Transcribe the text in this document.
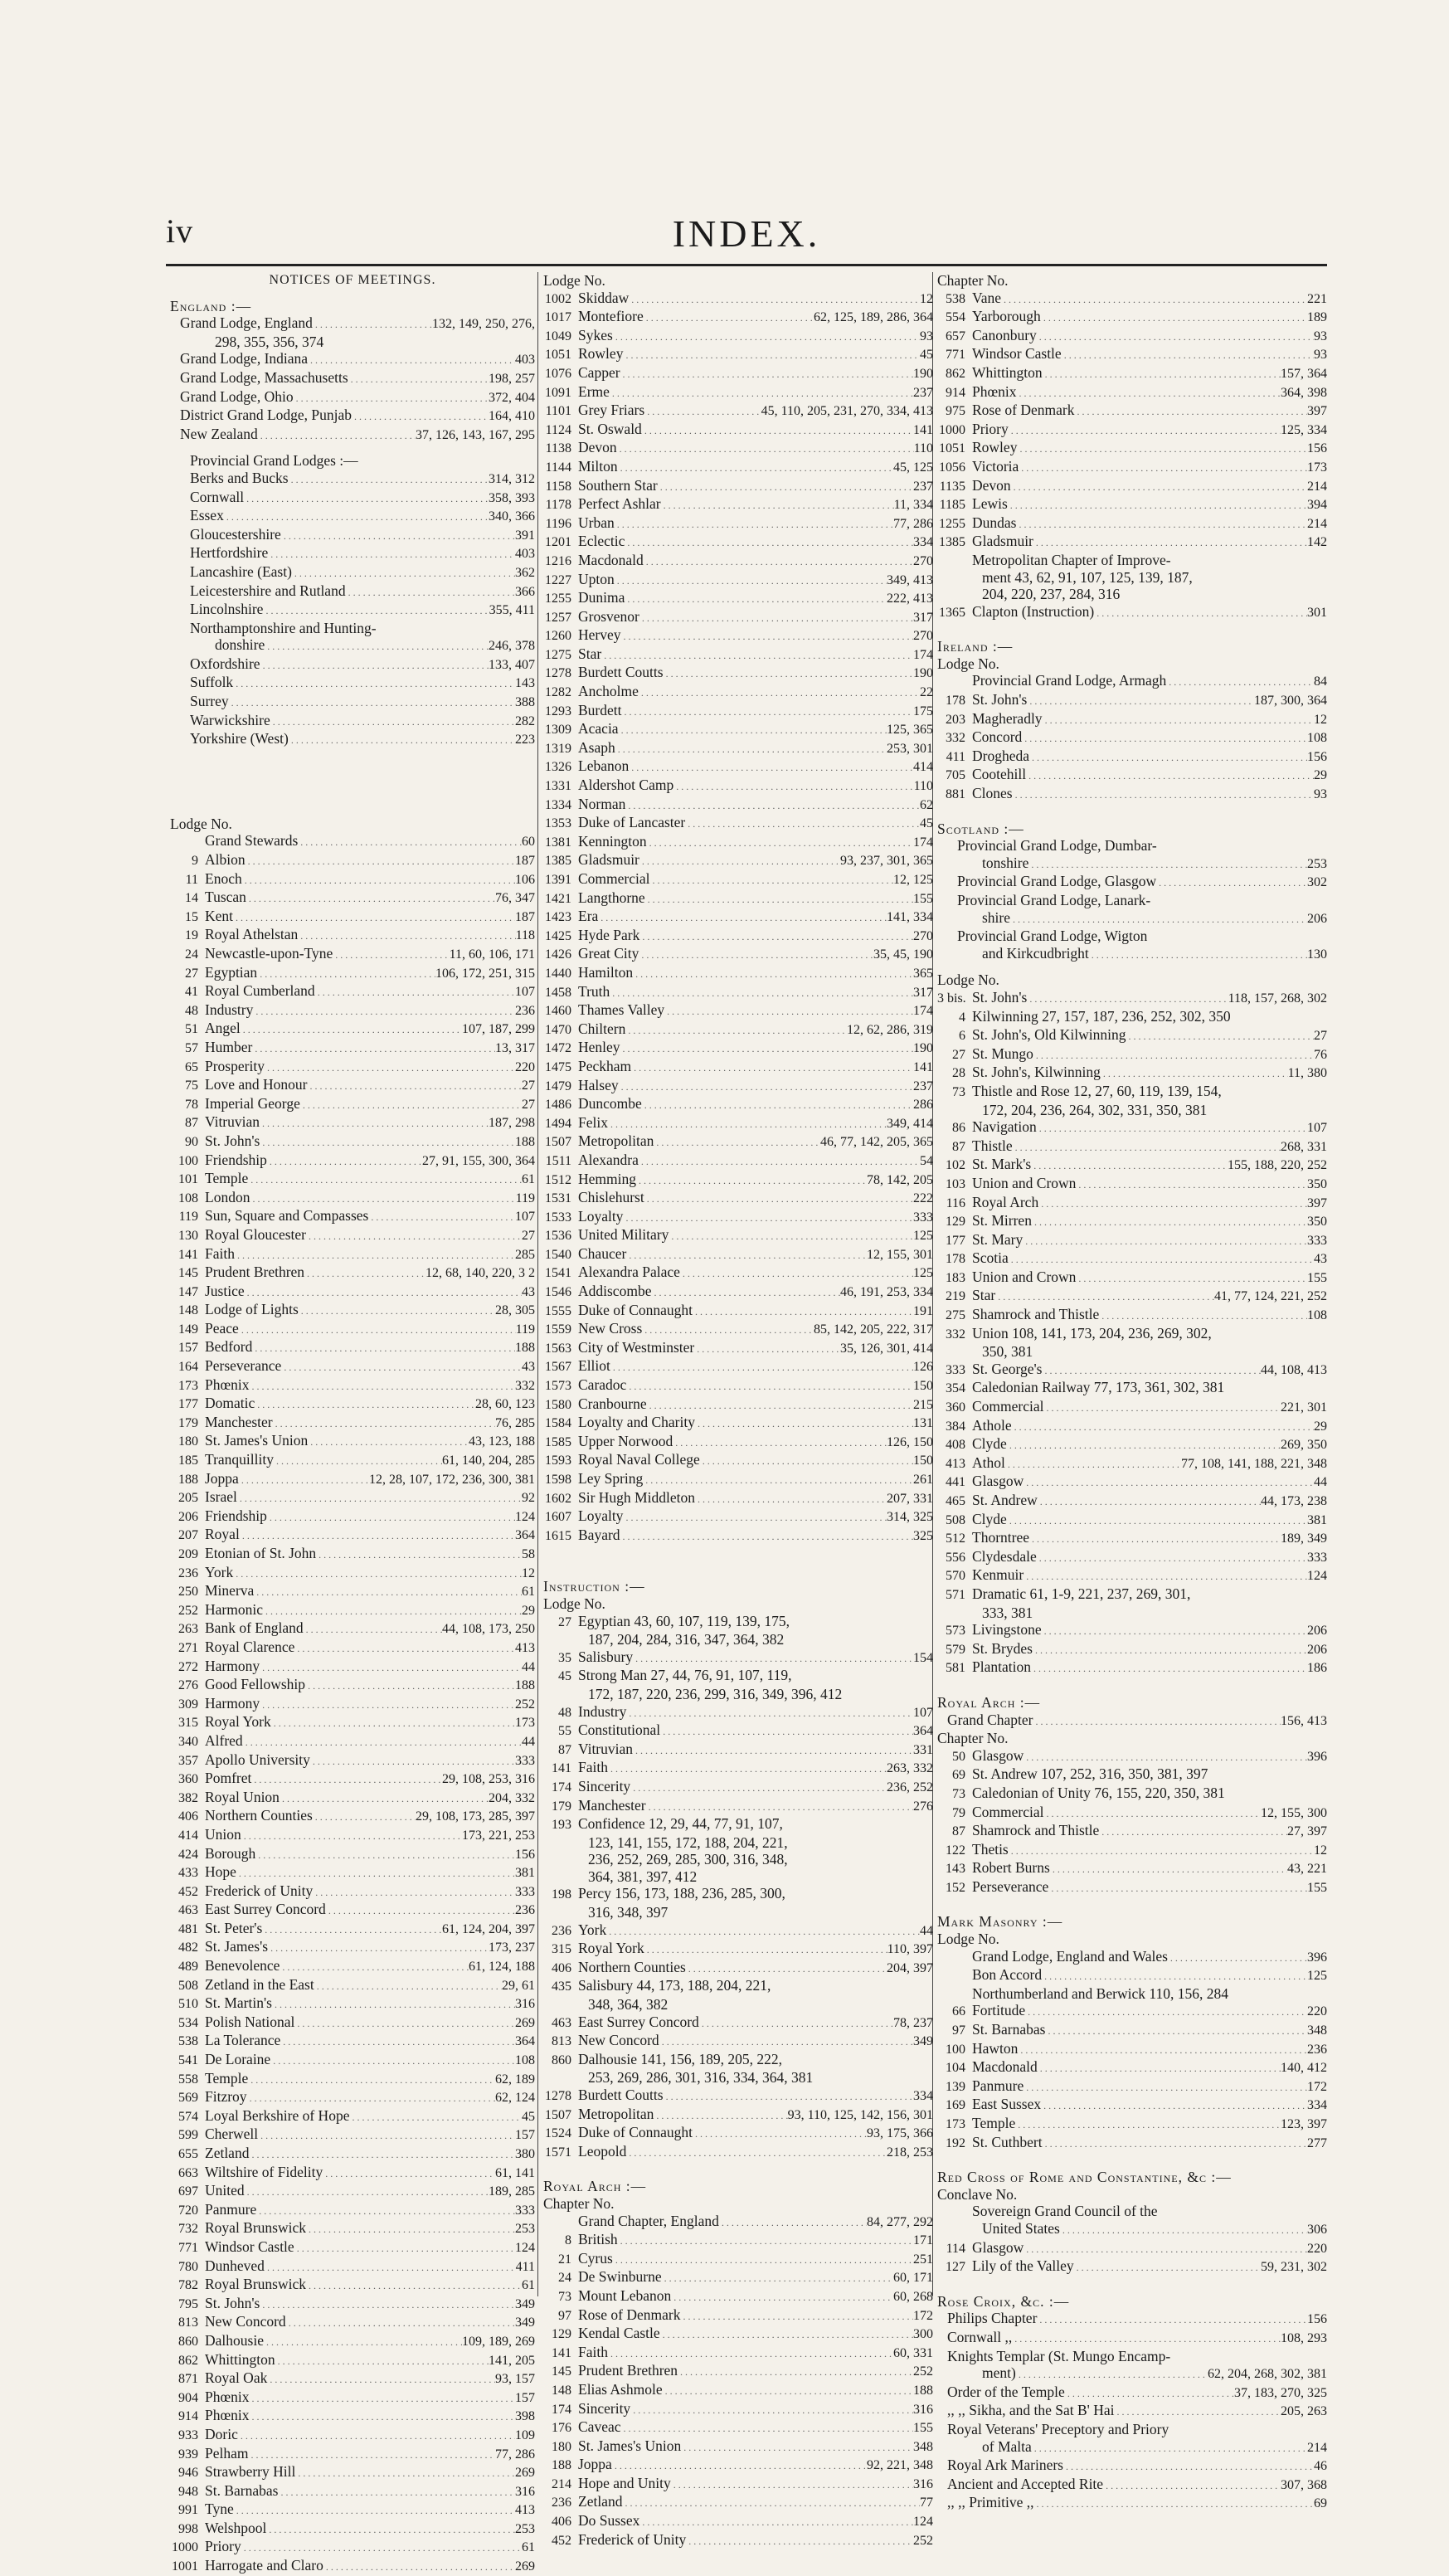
iv	INDEX.
NOTICES OF MEETINGS.
England :—
Grand Lodge, England .....	132, 149, 250, 276,
298, 355, 356, 374
Grand Lodge, Indiana .....	403
Grand Lodge, Massachusetts .....	198, 257
Grand Lodge, Ohio .....	372, 404
District Grand Lodge, Punjab .....	164, 410
New Zealand .....	37, 126, 143, 167, 295
Provincial Grand Lodges :—
Berks and Bucks .....	314, 312
Cornwall .....	358, 393
Essex .....	340, 366
Gloucestershire .....	391
Hertfordshire .....	403
Lancashire (East) .....	362
Leicestershire and Rutland .....	366
Lincolnshire .....	355, 411
Northamptonshire and Hunting-
donshire .....	246, 378
Oxfordshire .....	133, 407
Suffolk .....	143
Surrey .....	388
Warwickshire .....	282
Yorkshire (West) .....	223
Lodge No.
Grand Stewards .....	60
9 Albion .....	187
11 Enoch .....	106
14 Tuscan .....	76, 347
15 Kent .....	187
19 Royal Athelstan .....	118
24 Newcastle-upon-Tyne .....	11, 60, 106, 171
27 Egyptian .....	106, 172, 251, 315
41 Royal Cumberland .....	107
48 Industry .....	236
51 Angel .....	107, 187, 299
57 Humber .....	13, 317
65 Prosperity .....	220
75 Love and Honour .....	27
78 Imperial George .....	27
87 Vitruvian .....	187, 298
90 St. John's .....	188
100 Friendship .....	27, 91, 155, 300, 364
101 Temple .....	61
108 London .....	119
119 Sun, Square and Compasses .....	107
130 Royal Gloucester .....	27
141 Faith .....	285
145 Prudent Brethren .....	12, 68, 140, 220, 3 2
147 Justice .....	43
148 Lodge of Lights .....	28, 305
149 Peace .....	119
157 Bedford .....	188
164 Perseverance .....	43
173 Phœnix .....	332
177 Domatic .....	28, 60, 123
179 Manchester .....	76, 285
180 St. James's Union .....	43, 123, 188
185 Tranquillity .....	61, 140, 204, 285
188 Joppa .....	12, 28, 107, 172, 236, 300, 381
205 Israel .....	92
206 Friendship .....	124
207 Royal .....	364
209 Etonian of St. John .....	58
236 York .....	12
250 Minerva .....	61
252 Harmonic .....	29
263 Bank of England .....	44, 108, 173, 250
271 Royal Clarence .....	413
272 Harmony .....	44
276 Good Fellowship .....	188
309 Harmony .....	252
315 Royal York .....	173
340 Alfred .....	44
357 Apollo University .....	333
360 Pomfret .....	29, 108, 253, 316
382 Royal Union .....	204, 332
406 Northern Counties .....	29, 108, 173, 285, 397
414 Union .....	173, 221, 253
424 Borough .....	156
433 Hope .....	381
452 Frederick of Unity .....	333
463 East Surrey Concord .....	236
481 St. Peter's .....	61, 124, 204, 397
482 St. James's .....	173, 237
489 Benevolence .....	61, 124, 188
508 Zetland in the East .....	29, 61
510 St. Martin's .....	316
534 Polish National .....	269
538 La Tolerance .....	364
541 De Loraine .....	108
558 Temple .....	62, 189
569 Fitzroy .....	62, 124
574 Loyal Berkshire of Hope .....	45
599 Cherwell .....	157
655 Zetland .....	380
663 Wiltshire of Fidelity .....	61, 141
697 United .....	189, 285
720 Panmure .....	333
732 Royal Brunswick .....	253
771 Windsor Castle .....	124
780 Dunheved .....	411
782 Royal Brunswick .....	61
795 St. John's .....	349
813 New Concord .....	349
860 Dalhousie .....	109, 189, 269
862 Whittington .....	141, 205
871 Royal Oak .....	93, 157
904 Phœnix .....	157
914 Phœnix .....	398
933 Doric .....	109
939 Pelham .....	77, 286
946 Strawberry Hill .....	269
948 St. Barnabas .....	316
991 Tyne .....	413
998 Welshpool .....	253
1000 Priory .....	61
1001 Harrogate and Claro .....	269
Lodge No.
1002 Skiddaw .....	12
1017 Montefiore .....	62, 125, 189, 286, 364
1049 Sykes .....	93
1051 Rowley .....	45
1076 Capper .....	190
1091 Erme .....	237
1101 Grey Friars .....	45, 110, 205, 231, 270, 334, 413
1124 St. Oswald .....	141
1138 Devon .....	110
1144 Milton .....	45, 125
1158 Southern Star .....	237
1178 Perfect Ashlar .....	11, 334
1196 Urban .....	77, 286
1201 Eclectic .....	334
1216 Macdonald .....	270
1227 Upton .....	349, 413
1255 Dunima .....	222, 413
1257 Grosvenor .....	317
1260 Hervey .....	270
1275 Star .....	174
1278 Burdett Coutts .....	190
1282 Ancholme .....	22
1293 Burdett .....	175
1309 Acacia .....	125, 365
1319 Asaph .....	253, 301
1326 Lebanon .....	414
1331 Aldershot Camp .....	110
1334 Norman .....	62
1353 Duke of Lancaster .....	45
1381 Kennington .....	174
1385 Gladsmuir .....	93, 237, 301, 365
1391 Commercial .....	12, 125
1421 Langthorne .....	155
1423 Era .....	141, 334
1425 Hyde Park .....	270
1426 Great City .....	35, 45, 190
1440 Hamilton .....	365
1458 Truth .....	317
1460 Thames Valley .....	174
1470 Chiltern .....	12, 62, 286, 319
1472 Henley .....	190
1475 Peckham .....	141
1479 Halsey .....	237
1486 Duncombe .....	286
1494 Felix .....	349, 414
1507 Metropolitan .....	46, 77, 142, 205, 365
1511 Alexandra .....	54
1512 Hemming .....	78, 142, 205
1531 Chislehurst .....	222
1533 Loyalty .....	333
1536 United Military .....	125
1540 Chaucer .....	12, 155, 301
1541 Alexandra Palace .....	125
1546 Addiscombe .....	46, 191, 253, 334
1555 Duke of Connaught .....	191
1559 New Cross .....	85, 142, 205, 222, 317
1563 City of Westminster .....	35, 126, 301, 414
1567 Elliot .....	126
1573 Caradoc .....	150
1580 Cranbourne .....	215
1584 Loyalty and Charity .....	131
1585 Upper Norwood .....	126, 150
1593 Royal Naval College .....	150
1598 Ley Spring .....	261
1602 Sir Hugh Middleton .....	207, 331
1607 Loyalty .....	314, 325
1615 Bayard .....	325
Instruction :—
Lodge No.
27 Egyptian 43, 60, 107, 119, 139, 175,
187, 204, 284, 316, 347, 364, 382
35 Salisbury .....	154
45 Strong Man 27, 44, 76, 91, 107, 119,
172, 187, 220, 236, 299, 316, 349, 396, 412
48 Industry .....	107
55 Constitutional .....	364
87 Vitruvian .....	331
141 Faith .....	263, 332
174 Sincerity .....	236, 252
179 Manchester .....	276
193 Confidence 12, 29, 44, 77, 91, 107,
123, 141, 155, 172, 188, 204, 221,
236, 252, 269, 285, 300, 316, 348,
364, 381, 397, 412
198 Percy 156, 173, 188, 236, 285, 300,
316, 348, 397
236 York .....	44
315 Royal York .....	110, 397
406 Northern Counties .....	204, 397
435 Salisbury 44, 173, 188, 204, 221,
348, 364, 382
463 East Surrey Concord .....	78, 237
813 New Concord .....	349
860 Dalhousie 141, 156, 189, 205, 222,
253, 269, 286, 301, 316, 334, 364, 381
1278 Burdett Coutts .....	334
1507 Metropolitan .....	93, 110, 125, 142, 156, 301
1524 Duke of Connaught .....	93, 175, 366
1571 Leopold .....	218, 253
Royal Arch :—
Chapter No.
Grand Chapter, England .....	84, 277, 292
8 British .....	171
21 Cyrus .....	251
24 De Swinburne .....	60, 171
73 Mount Lebanon .....	60, 268
97 Rose of Denmark .....	172
129 Kendal Castle .....	300
141 Faith .....	60, 331
145 Prudent Brethren .....	252
148 Elias Ashmole .....	188
174 Sincerity .....	316
176 Caveac .....	155
180 St. James's Union .....	348
188 Joppa .....	92, 221, 348
214 Hope and Unity .....	316
236 Zetland .....	77
406 Do Sussex .....	124
452 Frederick of Unity .....	252
Chapter No.
538 Vane .....	221
554 Yarborough .....	189
657 Canonbury .....	93
771 Windsor Castle .....	93
862 Whittington .....	157, 364
914 Phœnix .....	364, 398
975 Rose of Denmark .....	397
1000 Priory .....	125, 334
1051 Rowley .....	156
1056 Victoria .....	173
1135 Devon .....	214
1185 Lewis .....	394
1255 Dundas .....	214
1385 Gladsmuir .....	142
Metropolitan Chapter of Improve-
ment 43, 62, 91, 107, 125, 139, 187,
204, 220, 237, 284, 316
1365 Clapton (Instruction) .....	301
Ireland :—
Lodge No.
Provincial Grand Lodge, Armagh .....	84
178 St. John's .....	187, 300, 364
203 Magheradly .....	12
332 Concord .....	108
411 Drogheda .....	156
705 Cootehill .....	29
881 Clones .....	93
Scotland :—
Provincial Grand Lodge, Dumbar-
tonshire .....	253
Provincial Grand Lodge, Glasgow .....	302
Provincial Grand Lodge, Lanark-
shire .....	206
Provincial Grand Lodge, Wigton
and Kirkcudbright .....	130
Lodge No.
3 bis. St. John's .....	118, 157, 268, 302
4 Kilwinning 27, 157, 187, 236, 252, 302, 350
6 St. John's, Old Kilwinning .....	27
27 St. Mungo .....	76
28 St. John's, Kilwinning .....	11, 380
73 Thistle and Rose 12, 27, 60, 119, 139, 154,
172, 204, 236, 264, 302, 331, 350, 381
86 Navigation .....	107
87 Thistle .....	268, 331
102 St. Mark's .....	155, 188, 220, 252
103 Union and Crown .....	350
116 Royal Arch .....	397
129 St. Mirren .....	350
177 St. Mary .....	333
178 Scotia .....	43
183 Union and Crown .....	155
219 Star .....	41, 77, 124, 221, 252
275 Shamrock and Thistle .....	108
332 Union 108, 141, 173, 204, 236, 269, 302,
350, 381
333 St. George's .....	44, 108, 413
354 Caledonian Railway 77, 173, 361, 302, 381
360 Commercial .....	221, 301
384 Athole .....	29
408 Clyde .....	269, 350
413 Athol .....	77, 108, 141, 188, 221, 348
441 Glasgow .....	44
465 St. Andrew .....	44, 173, 238
508 Clyde .....	381
512 Thorntree .....	189, 349
556 Clydesdale .....	333
570 Kenmuir .....	124
571 Dramatic 61, 1-9, 221, 237, 269, 301,
333, 381
573 Livingstone .....	206
579 St. Brydes .....	206
581 Plantation .....	186
Royal Arch :—
Grand Chapter .....	156, 413
Chapter No.
50 Glasgow .....	396
69 St. Andrew 107, 252, 316, 350, 381, 397
73 Caledonian of Unity 76, 155, 220, 350, 381
79 Commercial .....	12, 155, 300
87 Shamrock and Thistle .....	27, 397
122 Thetis .....	12
143 Robert Burns .....	43, 221
152 Perseverance .....	155
Mark Masonry :—
Lodge No.
Grand Lodge, England and Wales .....	396
Bon Accord .....	125
Northumberland and Berwick 110, 156, 284
66 Fortitude .....	220
97 St. Barnabas .....	348
100 Hawton .....	236
104 Macdonald .....	140, 412
139 Panmure .....	172
169 East Sussex .....	334
173 Temple .....	123, 397
192 St. Cuthbert .....	277
Red Cross of Rome and Constantine, &c :—
Conclave No.
Sovereign Grand Council of the
United States .....	306
114 Glasgow .....	220
127 Lily of the Valley .....	59, 231, 302
Rose Croix, &c. :—
Philips Chapter .....	156
Cornwall ,, .....	108, 293
Knights Templar (St. Mungo Encamp-
ment) .....	62, 204, 268, 302, 381
Order of the Temple .....	37, 183, 270, 325
,, ,, Sikha, and the Sat B' Hai .....	205, 263
Royal Veterans' Preceptory and Priory
of Malta .....	214
Royal Ark Mariners .....	46
Ancient and Accepted Rite .....	307, 368
,, ,, Primitive ,, .....	69
